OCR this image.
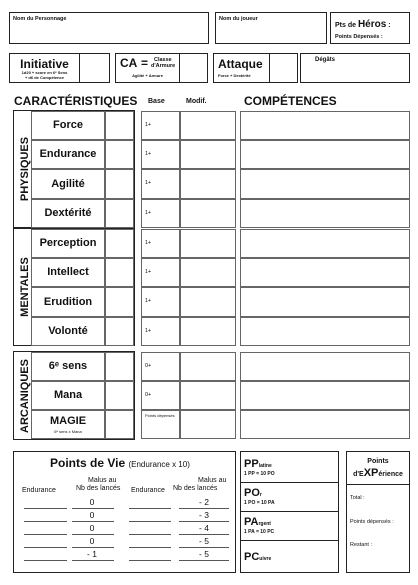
Nom du Personnage	Nom du joueur
Pts de Héros :
Points Dépensés :
Initiative
1d20 + score en 6ᵉ Sens
+ d6 de Compétence
CA = Classe
d'Armure
Agilité + Armure
Attaque
Force + Dextérité
Dégâts
CARACTÉRISTIQUES Base	Modif.	COMPÉTENCES
PHYSIQUES
MENTALES
ARCANIQUES
Force	1+
Endurance	1+
Agilité	1+
Dextérité	1+
Perception	1+
Intellect	1+
Erudition	1+
Volonté	1+
6ᵉ sens	0+
Mana	0+
MAGIE
6ᵉ sens x Mana
Points dépensés
Points de Vie (Endurance x 10)
Endurance
Malus au
Nb des lancés Endurance
Malus au
Nb des lancés
0	- 2
0	- 3
0	- 4
0	- 5
- 1	- 5
PPlatine
1 PP = 10 PO
POr
1 PO = 10 PA
PArgent
1 PA = 10 PC
PCuivre
Points
d'EXPérience
Total :
Points dépensés :
Restant :
